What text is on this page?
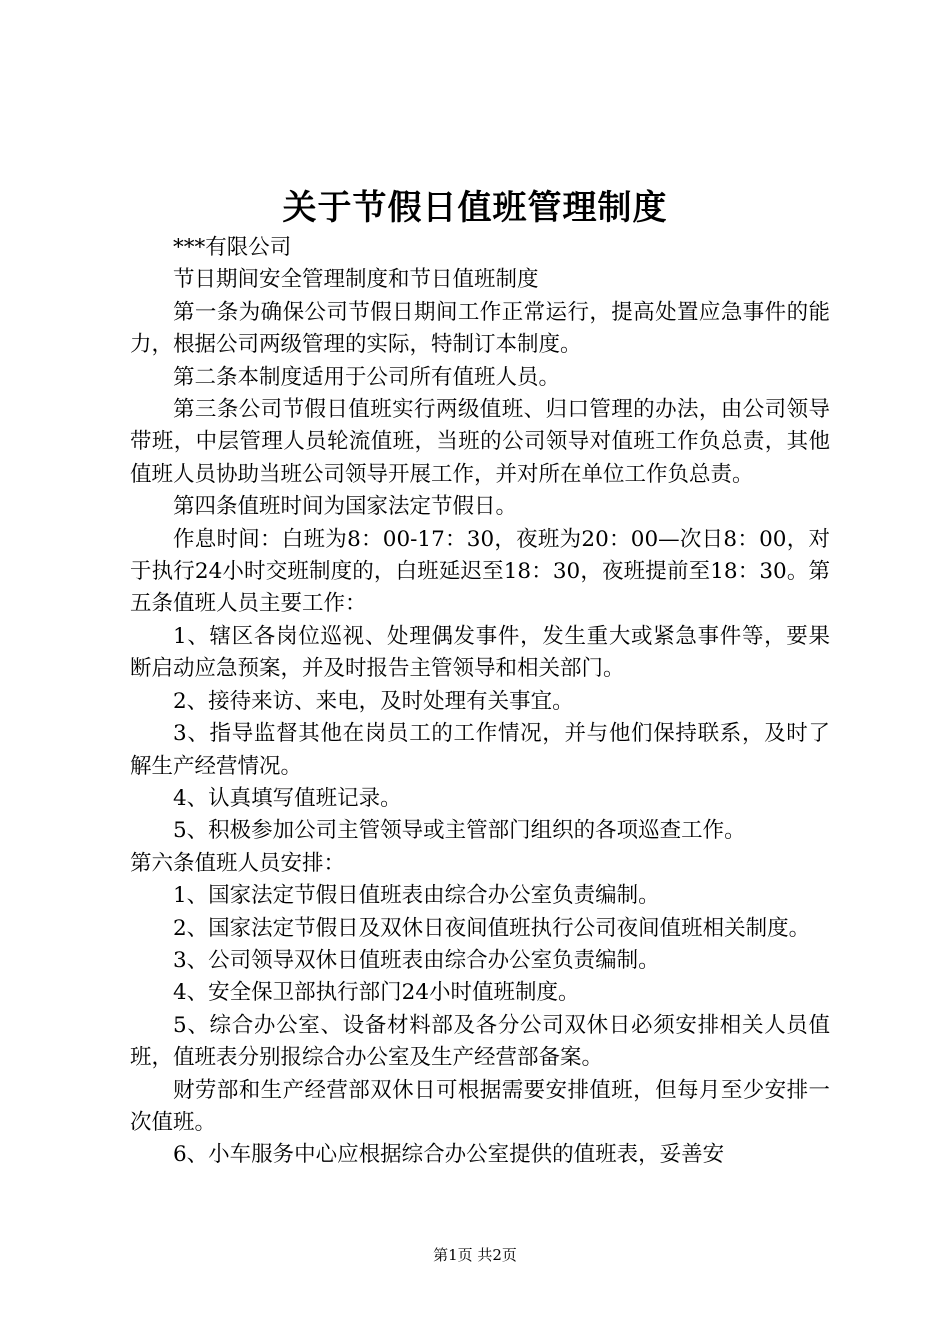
关于节假日值班管理制度

***有限公司

节日期间安全管理制度和节日值班制度

第一条为确保公司节假日期间工作正常运行，提高处置应急事件的能力，根据公司两级管理的实际，特制订本制度。

第二条本制度适用于公司所有值班人员。

第三条公司节假日值班实行两级值班、归口管理的办法，由公司领导带班，中层管理人员轮流值班，当班的公司领导对值班工作负总责，其他值班人员协助当班公司领导开展工作，并对所在单位工作负总责。

第四条值班时间为国家法定节假日。

作息时间：白班为8：00-17：30，夜班为20：00—次日8：00，对于执行24小时交班制度的，白班延迟至18：30，夜班提前至18：30。第五条值班人员主要工作：

1、辖区各岗位巡视、处理偶发事件，发生重大或紧急事件等，要果断启动应急预案，并及时报告主管领导和相关部门。

2、接待来访、来电，及时处理有关事宜。

3、指导监督其他在岗员工的工作情况，并与他们保持联系，及时了解生产经营情况。

4、认真填写值班记录。

5、积极参加公司主管领导或主管部门组织的各项巡查工作。

第六条值班人员安排：

1、国家法定节假日值班表由综合办公室负责编制。

2、国家法定节假日及双休日夜间值班执行公司夜间值班相关制度。

3、公司领导双休日值班表由综合办公室负责编制。

4、安全保卫部执行部门24小时值班制度。

5、综合办公室、设备材料部及各分公司双休日必须安排相关人员值班，值班表分别报综合办公室及生产经营部备案。

财劳部和生产经营部双休日可根据需要安排值班，但每月至少安排一次值班。

6、小车服务中心应根据综合办公室提供的值班表，妥善安

第1页 共2页
